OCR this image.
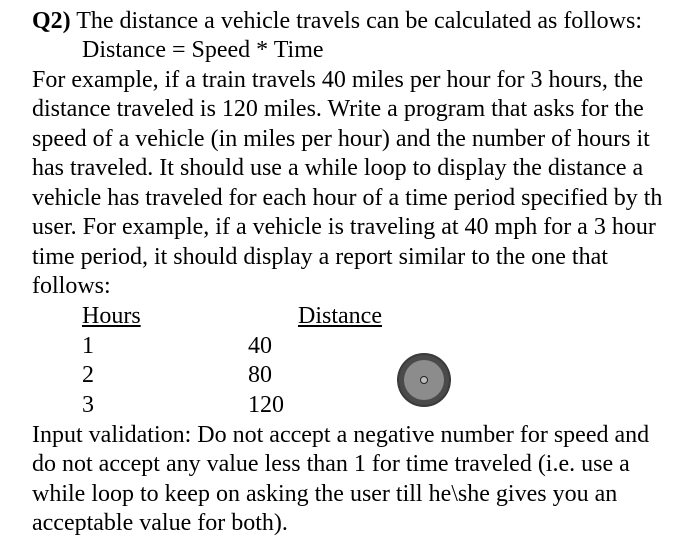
Q2) The distance a vehicle travels can be calculated as follows:
Distance = Speed * Time
For example, if a train travels 40 miles per hour for 3 hours, the
distance traveled is 120 miles. Write a program that asks for the
speed of a vehicle (in miles per hour) and the number of hours it
has traveled. It should use a while loop to display the distance a
vehicle has traveled for each hour of a time period specified by th
user. For example, if a vehicle is traveling at 40 mph for a 3 hour
time period, it should display a report similar to the one that
follows:
Hours	Distance
1	40
2	80
3	120
Input validation: Do not accept a negative number for speed and
do not accept any value less than 1 for time traveled (i.e. use a
while loop to keep on asking the user till he\she gives you an
acceptable value for both).
